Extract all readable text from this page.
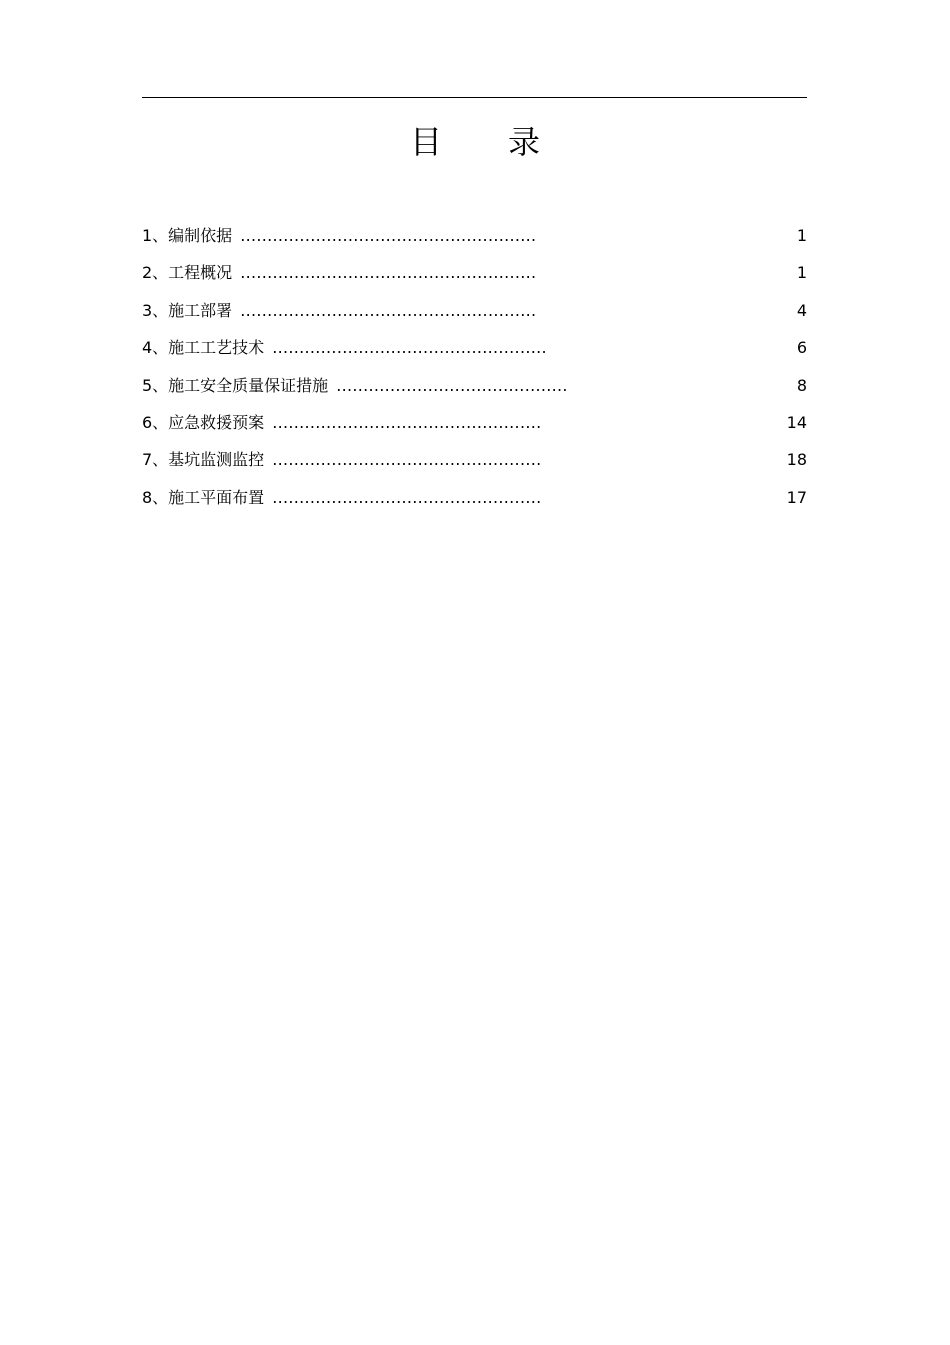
目 录
1、编制依据 .......................................................	1
2、工程概况 .......................................................	1
3、施工部署 .......................................................	4
4、施工工艺技术 ...................................................	6
5、施工安全质量保证措施 ...........................................	8
6、应急救援预案 ..................................................	14
7、基坑监测监控 ..................................................	18
8、施工平面布置 ..................................................	17
